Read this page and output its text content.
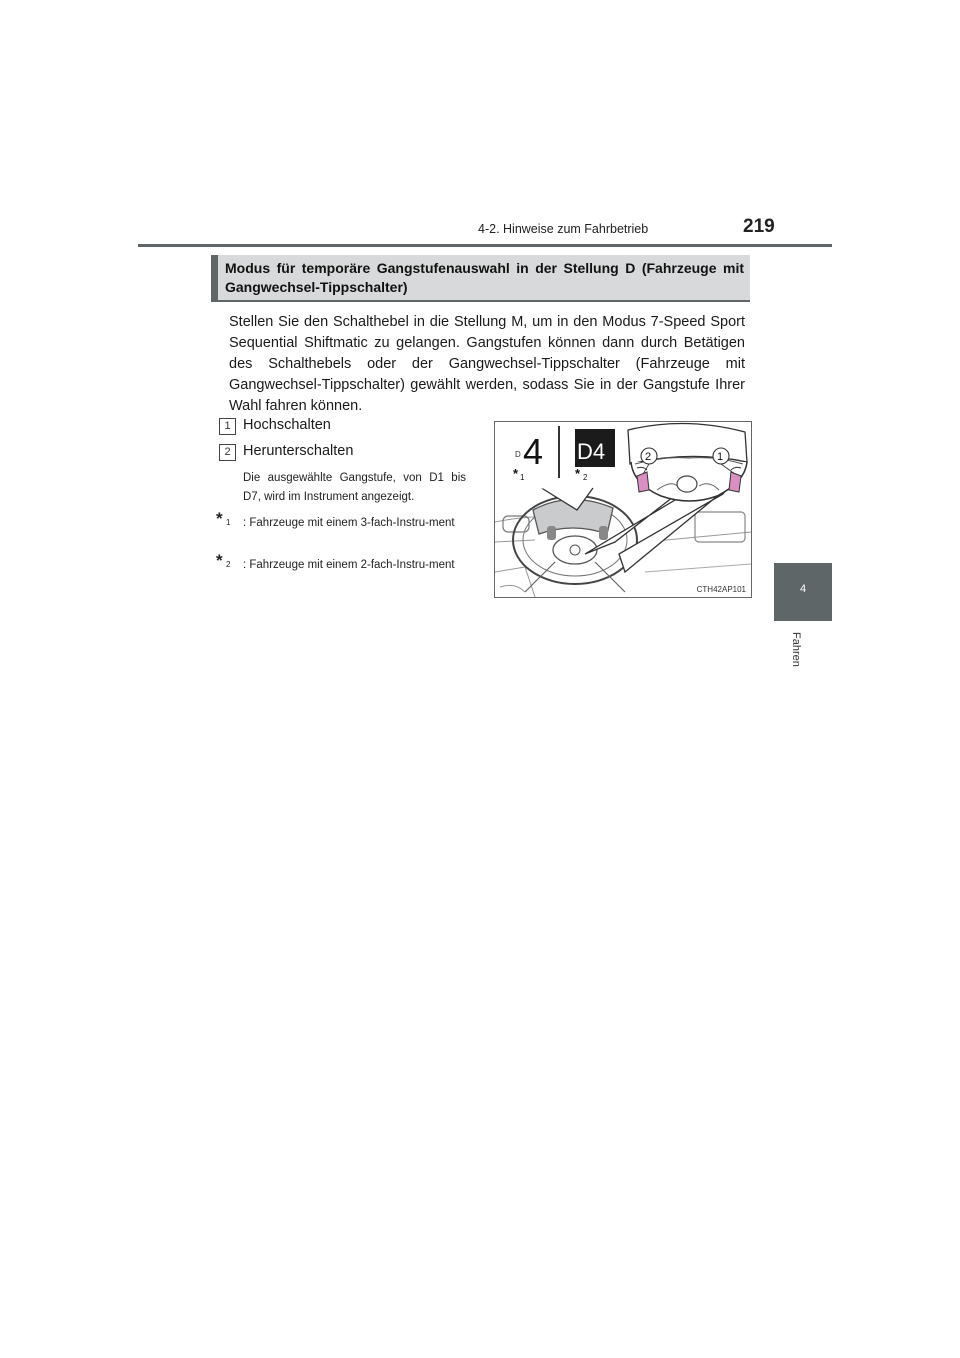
4-2. Hinweise zum Fahrbetrieb	219
4
Fahren
Modus für temporäre Gangstufenauswahl in der Stellung D (Fahrzeuge mit Gangwechsel-Tippschalter)
Stellen Sie den Schalthebel in die Stellung M, um in den Modus 7-Speed Sport Sequential Shiftmatic zu gelangen. Gangstufen können dann durch Betätigen des Schalthebels oder der Gangwechsel-Tippschalter (Fahrzeuge mit Gangwechsel-Tippschalter) gewählt werden, sodass Sie in der Gangstufe Ihrer Wahl fahren können.
1 Hochschalten
2 Herunterschalten
Die ausgewählte Gangstufe, von D1 bis D7, wird im Instrument angezeigt.
* 1 : Fahrzeuge mit einem 3-fach-Instru-ment
* 2 : Fahrzeuge mit einem 2-fach-Instru-ment
D 4
* 1
D4
* 2
2	1
CTH42AP101
